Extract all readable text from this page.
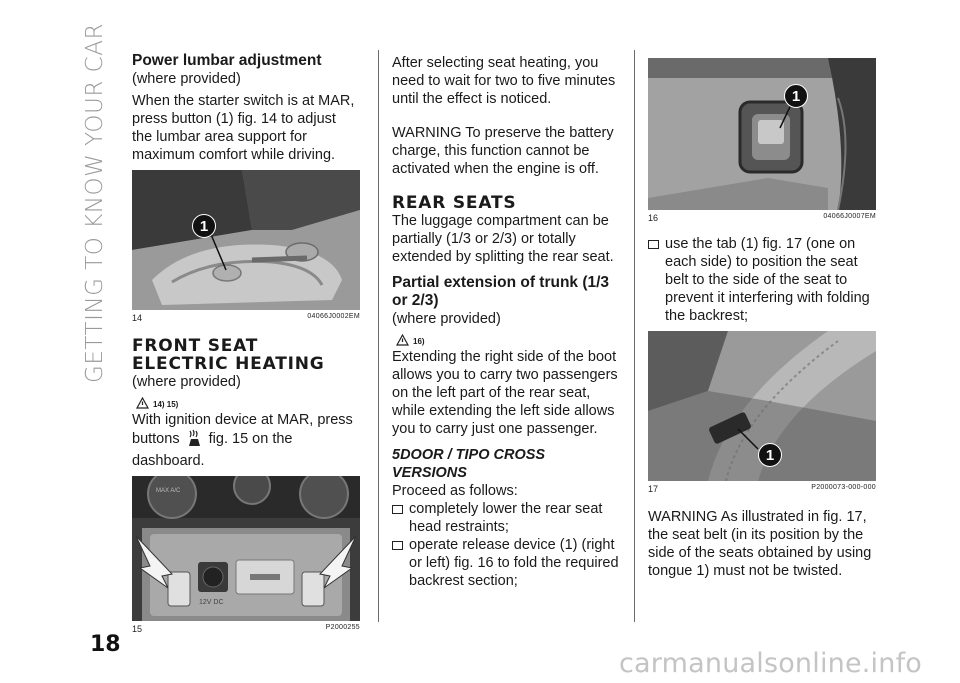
GETTING TO KNOW YOUR CAR
18
Power lumbar adjustment

(where provided)

When the starter switch is at MAR, press button (1) fig. 14 to adjust the lumbar area support for maximum comfort while driving.

1
14	04066J0002EM
FRONT SEAT ELECTRIC HEATING

(where provided)

14) 15)

With ignition device at MAR, press buttons fig. 15 on the dashboard.

12V DC
MAX A/C
15	P2000255

After selecting seat heating, you need to wait for two to five minutes until the effect is noticed.

WARNING To preserve the battery charge, this function cannot be activated when the engine is off.

REAR SEATS

The luggage compartment can be partially (1/3 or 2/3) or totally extended by splitting the rear seat.

Partial extension of trunk (1/3 or 2/3)

(where provided)

16)

Extending the right side of the boot allows you to carry two passengers on the left part of the rear seat, while extending the left side allows you to carry just one passenger.

5DOOR / TIPO CROSS VERSIONS

Proceed as follows:

completely lower the rear seat head restraints;

operate release device (1) (right or left) fig. 16 to fold the required backrest section;

1
16	04066J0007EM

use the tab (1) fig. 17 (one on each side) to position the seat belt to the side of the seat to prevent it interfering with folding the backrest;

1
17	P2000073-000-000

WARNING As illustrated in fig. 17, the seat belt (in its position by the side of the seats obtained by using tongue 1) must not be twisted.

carmanualsonline.info
